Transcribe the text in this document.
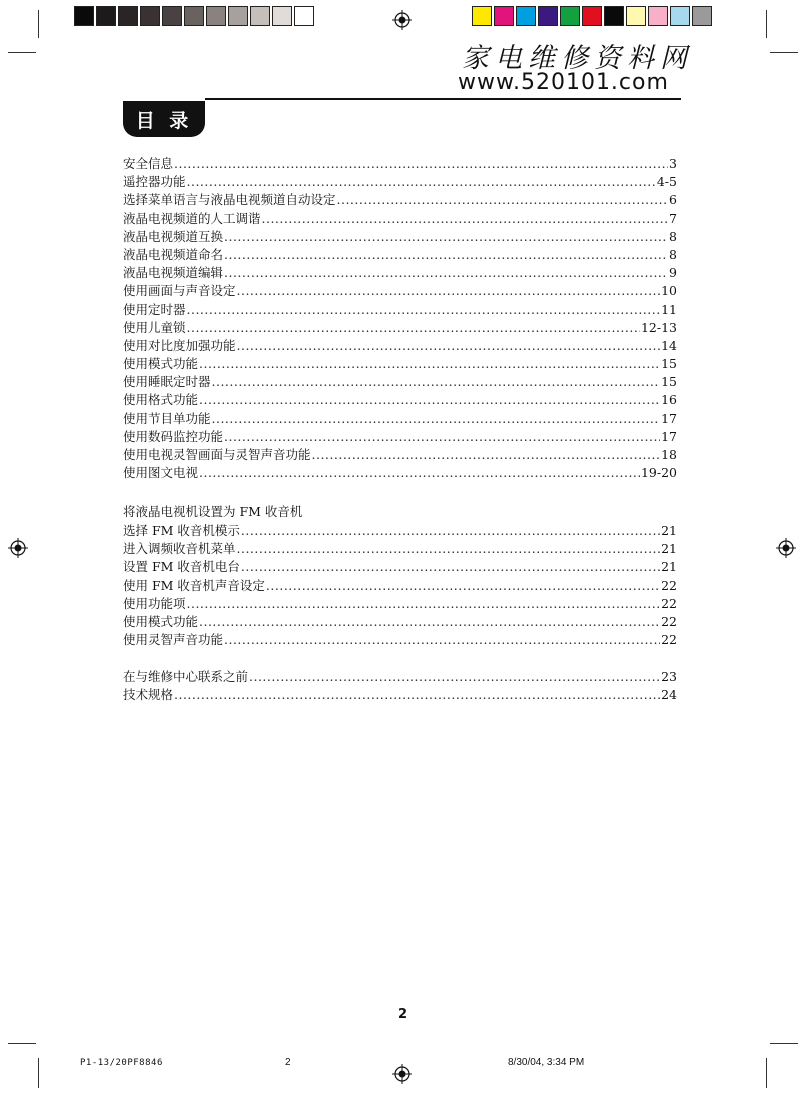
家电维修资料网
www.520101.com
目 录
安全信息 .....	3
遥控器功能 .....	4-5
选择菜单语言与液晶电视频道自动设定 .....	6
液晶电视频道的人工调谐 .....	7
液晶电视频道互换 .....	8
液晶电视频道命名 .....	8
液晶电视频道编辑 .....	9
使用画面与声音设定 .....	10
使用定时器 .....	11
使用儿童锁 .....	12-13
使用对比度加强功能 .....	14
使用模式功能 .....	15
使用睡眠定时器 .....	15
使用格式功能 .....	16
使用节目单功能 .....	17
使用数码监控功能 .....	17
使用电视灵智画面与灵智声音功能 .....	18
使用图文电视 .....	19-20
将液晶电视机设置为 FM 收音机
选择 FM 收音机模示 .....	21
进入调频收音机菜单 .....	21
设置 FM 收音机电台 .....	21
使用 FM 收音机声音设定 .....	22
使用功能项 .....	22
使用模式功能 .....	22
使用灵智声音功能 .....	22
在与维修中心联系之前 .....	23
技术规格 .....	24
2
P1-13/20PF8846	2	8/30/04, 3:34 PM
